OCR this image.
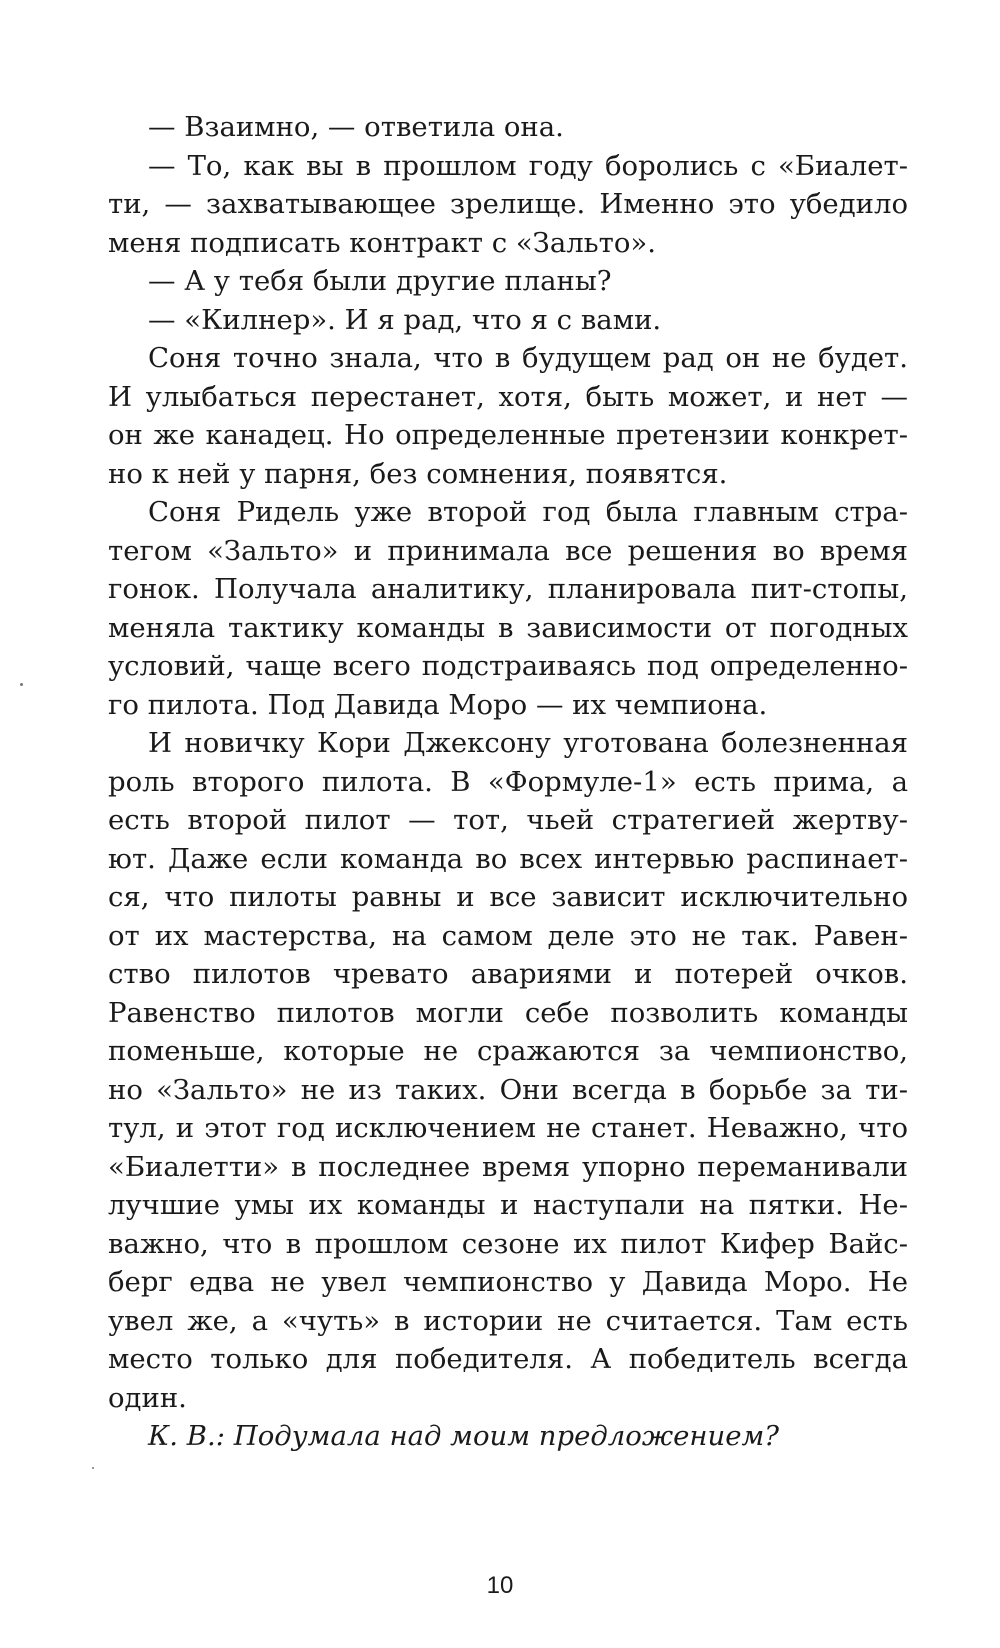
— Взаимно, — ответила она.
— То, как вы в прошлом году боролись с «Биалет-
ти, — захватывающее зрелище. Именно это убедило
меня подписать контракт с «Зальто».
— А у тебя были другие планы?
— «Килнер». И я рад, что я с вами.
Соня точно знала, что в будущем рад он не будет.
И улыбаться перестанет, хотя, быть может, и нет —
он же канадец. Но определенные претензии конкрет-
но к ней у парня, без сомнения, появятся.
Соня Ридель уже второй год была главным стра-
тегом «Зальто» и принимала все решения во время
гонок. Получала аналитику, планировала пит-стопы,
меняла тактику команды в зависимости от погодных
условий, чаще всего подстраиваясь под определенно-
го пилота. Под Давида Моро — их чемпиона.
И новичку Кори Джексону уготована болезненная
роль второго пилота. В «Формуле-1» есть прима, а
есть второй пилот — тот, чьей стратегией жертву-
ют. Даже если команда во всех интервью распинает-
ся, что пилоты равны и все зависит исключительно
от их мастерства, на самом деле это не так. Равен-
ство пилотов чревато авариями и потерей очков.
Равенство пилотов могли себе позволить команды
поменьше, которые не сражаются за чемпионство,
но «Зальто» не из таких. Они всегда в борьбе за ти-
тул, и этот год исключением не станет. Неважно, что
«Биалетти» в последнее время упорно переманивали
лучшие умы их команды и наступали на пятки. Не-
важно, что в прошлом сезоне их пилот Кифер Вайс-
берг едва не увел чемпионство у Давида Моро. Не
увел же, а «чуть» в истории не считается. Там есть
место только для победителя. А победитель всегда
один.
К. В.: Подумала над моим предложением?
10
